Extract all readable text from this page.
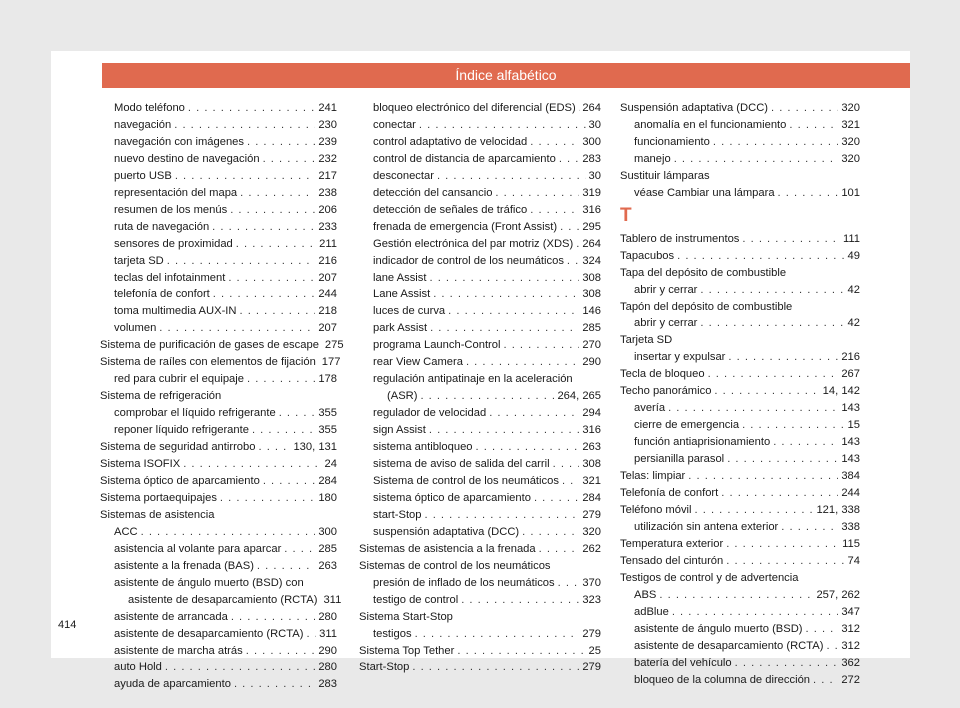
Índice alfabético
Modo teléfono . . .	241
navegación . . .	230
navegación con imágenes . . .	239
nuevo destino de navegación . . .	232
puerto USB . . .	217
representación del mapa . . .	238
resumen de los menús . . .	206
ruta de navegación . . .	233
sensores de proximidad . . .	211
tarjeta SD . . .	216
teclas del infotainment . . .	207
telefonía de confort . . .	244
toma multimedia AUX-IN . . .	218
volumen . . .	207
Sistema de purificación de gases de escape 275
Sistema de raíles con elementos de fijación 177
red para cubrir el equipaje . . .	178
Sistema de refrigeración
comprobar el líquido refrigerante . . .	355
reponer líquido refrigerante . . .	355
Sistema de seguridad antirrobo . . .	130, 131
Sistema ISOFIX . . .	24
Sistema óptico de aparcamiento . . .	284
Sistema portaequipajes . . .	180
Sistemas de asistencia
ACC . . .	300
asistencia al volante para aparcar . . .	285
asistente a la frenada (BAS) . . .	263
asistente de ángulo muerto (BSD) con
asistente de desaparcamiento (RCTA) 311
asistente de arrancada . . .	280
asistente de desaparcamiento (RCTA) . . . 311
asistente de marcha atrás . . .	290
auto Hold . . .	280
ayuda de aparcamiento . . .	283
bloqueo electrónico del diferencial (EDS) . . . 264
conectar . . .	30
control adaptativo de velocidad . . .	300
control de distancia de aparcamiento . . . 283
desconectar . . .	30
detección del cansancio . . .	319
detección de señales de tráfico . . .	316
frenada de emergencia (Front Assist) . . . 295
Gestión electrónica del par motriz (XDS) . . . 264
indicador de control de los neumáticos . . . 324
lane Assist . . .	308
Lane Assist . . .	308
luces de curva . . .	146
park Assist . . .	285
programa Launch-Control . . .	270
rear View Camera . . .	290
regulación antipatinaje en la aceleración
(ASR) . . .	264, 265
regulador de velocidad . . .	294
sign Assist . . .	316
sistema antibloqueo . . .	263
sistema de aviso de salida del carril . . .	308
Sistema de control de los neumáticos . . . 321
sistema óptico de aparcamiento . . .	284
start-Stop . . .	279
suspensión adaptativa (DCC) . . .	320
Sistemas de asistencia a la frenada . . .	262
Sistemas de control de los neumáticos
presión de inflado de los neumáticos . . . 370
testigo de control . . .	323
Sistema Start-Stop
testigos . . .	279
Sistema Top Tether . . .	25
Start-Stop . . .	279
Suspensión adaptativa (DCC) . . .	320
anomalía en el funcionamiento . . .	321
funcionamiento . . .	320
manejo . . .	320
Sustituir lámparas
véase Cambiar una lámpara . . .	101
T
Tablero de instrumentos . . .	111
Tapacubos . . .	49
Tapa del depósito de combustible
abrir y cerrar . . .	42
Tapón del depósito de combustible
abrir y cerrar . . .	42
Tarjeta SD
insertar y expulsar . . .	216
Tecla de bloqueo . . .	267
Techo panorámico . . .	14, 142
avería . . .	143
cierre de emergencia . . .	15
función antiaprisionamiento . . .	143
persianilla parasol . . .	143
Telas: limpiar . . .	384
Telefonía de confort . . .	244
Teléfono móvil . . .	121, 338
utilización sin antena exterior . . .	338
Temperatura exterior . . .	115
Tensado del cinturón . . .	74
Testigos de control y de advertencia
ABS . . .	257, 262
adBlue . . .	347
asistente de ángulo muerto (BSD) . . .	312
asistente de desaparcamiento (RCTA) . . . 312
batería del vehículo . . .	362
bloqueo de la columna de dirección . . .	272
414
